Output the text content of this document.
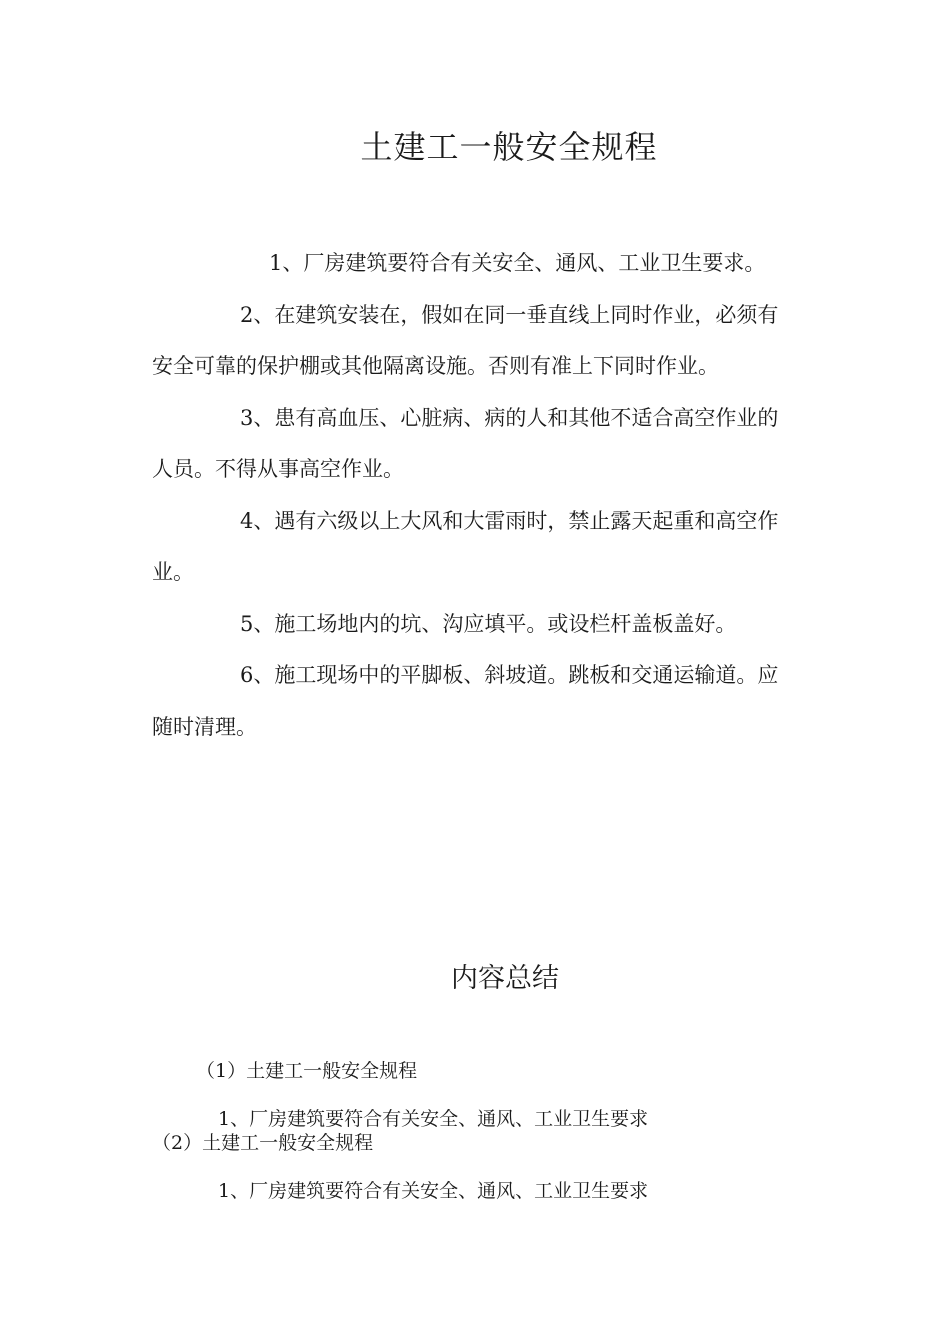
土建工一般安全规程

1、厂房建筑要符合有关安全、通风、工业卫生要求。

2、在建筑安装在，假如在同一垂直线上同时作业，必须有安全可靠的保护棚或其他隔离设施。否则有准上下同时作业。

3、患有高血压、心脏病、病的人和其他不适合高空作业的人员。不得从事高空作业。

4、遇有六级以上大风和大雷雨时，禁止露天起重和高空作业。

5、施工场地内的坑、沟应填平。或设栏杆盖板盖好。

6、施工现场中的平脚板、斜坡道。跳板和交通运输道。应随时清理。

内容总结
（1）土建工一般安全规程
1、厂房建筑要符合有关安全、通风、工业卫生要求
（2）土建工一般安全规程
1、厂房建筑要符合有关安全、通风、工业卫生要求
